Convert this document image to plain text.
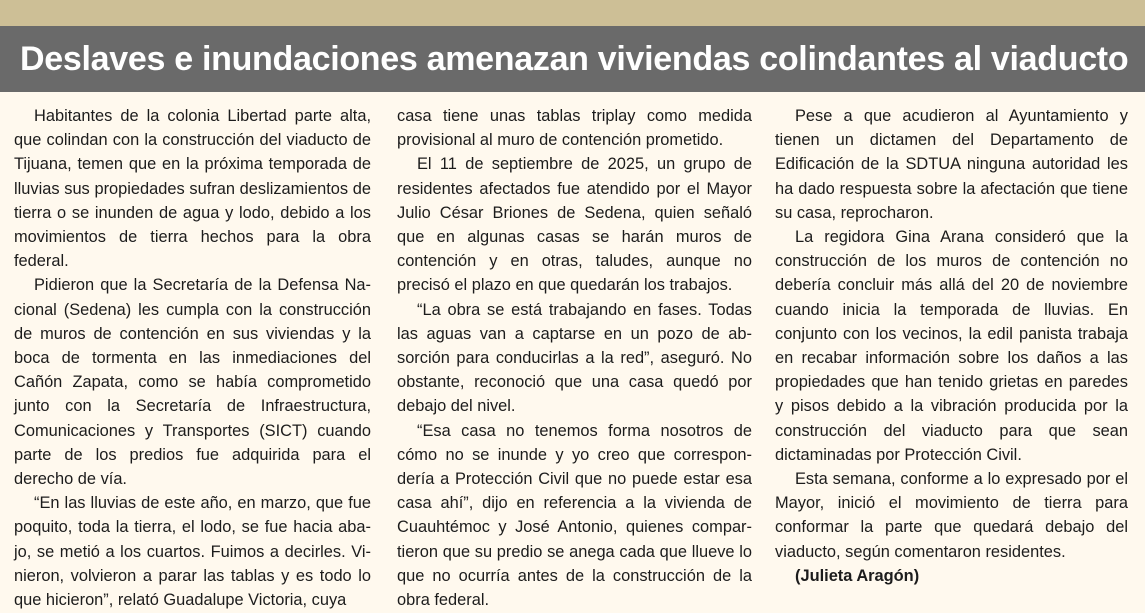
Deslaves e inundaciones amenazan viviendas colindantes al viaducto

Habitantes de la colonia Libertad parte alta, que colindan con la construcción del viaducto de Tijuana, temen que en la próxima temporada de lluvias sus propiedades sufran deslizamientos de tierra o se inunden de agua y lodo, debido a los movimientos de tierra hechos para la obra federal.

Pidieron que la Secretaría de la Defensa Nacional (Sedena) les cumpla con la construcción de muros de contención en sus viviendas y la boca de tormenta en las inmediaciones del Cañón Zapata, como se había comprometido junto con la Secretaría de Infraestructura, Comunicaciones y Transportes (SICT) cuando parte de los predios fue adquirida para el derecho de vía.

“En las lluvias de este año, en marzo, que fue poquito, toda la tierra, el lodo, se fue hacia abajo, se metió a los cuartos. Fuimos a decirles. Vinieron, volvieron a parar las tablas y es todo lo que hicieron”, relató Guadalupe Victoria, cuya

casa tiene unas tablas triplay como medida provisional al muro de contención prometido.

El 11 de septiembre de 2025, un grupo de residentes afectados fue atendido por el Mayor Julio César Briones de Sedena, quien señaló que en algunas casas se harán muros de contención y en otras, taludes, aunque no precisó el plazo en que quedarán los trabajos.

“La obra se está trabajando en fases. Todas las aguas van a captarse en un pozo de absorción para conducirlas a la red”, aseguró. No obstante, reconoció que una casa quedó por debajo del nivel.

“Esa casa no tenemos forma nosotros de cómo no se inunde y yo creo que correspondería a Protección Civil que no puede estar esa casa ahí”, dijo en referencia a la vivienda de Cuauhtémoc y José Antonio, quienes compartieron que su predio se anega cada que llueve lo que no ocurría antes de la construcción de la obra federal.

Pese a que acudieron al Ayuntamiento y tienen un dictamen del Departamento de Edificación de la SDTUA ninguna autoridad les ha dado respuesta sobre la afectación que tiene su casa, reprocharon.

La regidora Gina Arana consideró que la construcción de los muros de contención no debería concluir más allá del 20 de noviembre cuando inicia la temporada de lluvias. En conjunto con los vecinos, la edil panista trabaja en recabar información sobre los daños a las propiedades que han tenido grietas en paredes y pisos debido a la vibración producida por la construcción del viaducto para que sean dictaminadas por Protección Civil.

Esta semana, conforme a lo expresado por el Mayor, inició el movimiento de tierra para conformar la parte que quedará debajo del viaducto, según comentaron residentes.

(Julieta Aragón)
